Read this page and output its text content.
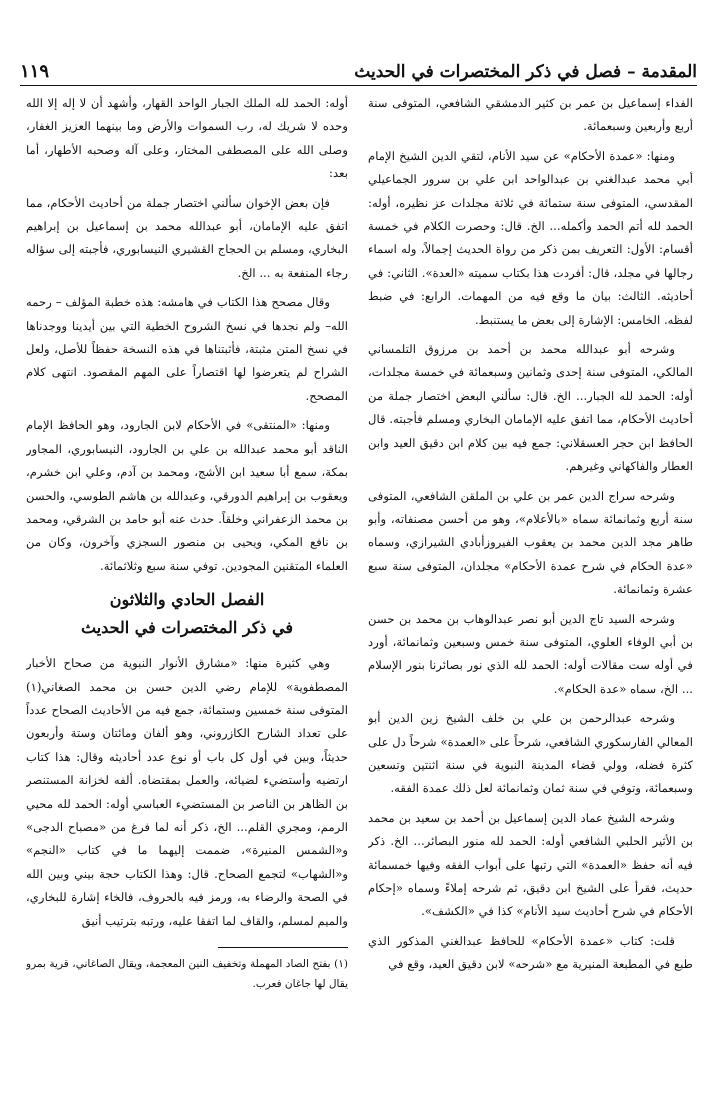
المقدمة – فصل في ذكر المختصرات في الحديث
١١٩

الفداء إسماعيل بن عمر بن كثير الدمشقي الشافعي، المتوفى سنة أربع وأربعين وسبعمائة.

ومنها: «عمدة الأحكام» عن سيد الأنام، لتقي الدين الشيخ الإمام أبي محمد عبدالغني بن عبدالواحد ابن علي بن سرور الجماعيلي المقدسي، المتوفى سنة ستمائة في ثلاثة مجلدات عز نظيره، أوله: الحمد لله أتم الحمد وأكمله... الخ. قال: وحصرت الكلام في خمسة أقسام: الأول: التعريف بمن ذكر من رواة الحديث إجمالاً، وله اسماء رجالها في مجلد، قال: أفردت هذا بكتاب سميته «العدة». الثاني: في أحاديثه. الثالث: بيان ما وقع فيه من المهمات. الرابع: في ضبط لفظه. الخامس: الإشارة إلى بعض ما يستنبط.

وشرحه أبو عبدالله محمد بن أحمد بن مرزوق التلمساني المالكي، المتوفى سنة إحدى وثمانين وسبعمائة في خمسة مجلدات، أوله: الحمد لله الجبار... الخ. قال: سألني البعض اختصار جملة من أحاديث الأحكام، مما اتفق عليه الإمامان البخاري ومسلم فأجبته. قال الحافظ ابن حجر العسقلاني: جمع فيه بين كلام ابن دقيق العيد وابن العطار والفاكهاني وغيرهم.

وشرحه سراج الدين عمر بن علي بن الملقن الشافعي، المتوفى سنة أربع وثمانمائة سماه «بالأعلام»، وهو من أحسن مصنفاته، وأبو طاهر مجد الدين محمد بن يعقوب الفيروزأبادي الشيرازي، وسماه «عدة الحكام في شرح عمدة الأحكام» مجلدان، المتوفى سنة سبع عشرة وثمانمائة.

وشرحه السيد تاج الدين أبو نصر عبدالوهاب بن محمد بن حسن بن أبي الوفاء العلوي، المتوفى سنة خمس وسبعين وثمانمائة، أورد في أوله ست مقالات أوله: الحمد لله الذي نور بصائرنا بنور الإسلام ... الخ، سماه «عدة الحكام».

وشرحه عبدالرحمن بن علي بن خلف الشيخ زين الدين أبو المعالي الفارسكوري الشافعي، شرحاً على «العمدة» شرحاً دل على كثرة فضله، وولي قضاء المدينة النبوية في سنة اثنتين وتسعين وسبعمائة، وتوفي في سنة ثمان وثمانمائة لعل ذلك عمدة الفقه.

وشرحه الشيخ عماد الدين إسماعيل بن أحمد بن سعيد بن محمد بن الأثير الحلبي الشافعي أوله: الحمد لله منور البصائر... الخ. ذكر فيه أنه حفظ «العمدة» التي رتبها على أبواب الفقه وفيها خمسمائة حديث، فقرأ على الشيخ ابن دقيق، ثم شرحه إملاءً وسماه «إحكام الأحكام في شرح أحاديث سيد الأنام» كذا في «الكشف».

قلت: كتاب «عمدة الأحكام» للحافظ عبدالغني المذكور الذي طبع في المطبعة المنيرية مع «شرحه» لابن دقيق العيد، وقع في

أوله: الحمد لله الملك الجبار الواحد القهار، وأشهد أن لا إله إلا الله وحده لا شريك له، رب السموات والأرض وما بينهما العزيز الغفار، وصلى الله على المصطفى المختار، وعلى آله وصحبه الأطهار، أما بعد:

فإن بعض الإخوان سألني اختصار جملة من أحاديث الأحكام، مما اتفق عليه الإمامان، أبو عبدالله محمد بن إسماعيل بن إبراهيم البخاري، ومسلم بن الحجاج القشيري النيسابوري، فأجبته إلى سؤاله رجاء المنفعة به ... الخ.

وقال مصحح هذا الكتاب في هامشه: هذه خطبة المؤلف – رحمه الله– ولم نجدها في نسخ الشروح الخطية التي بين أيدينا ووجدناها في نسخ المتن مثبتة، فأثبتناها في هذه النسخة حفظاً للأصل، ولعل الشراح لم يتعرضوا لها اقتصاراً على المهم المقصود. انتهى كلام المصحح.

ومنها: «المنتقى» في الأحكام لابن الجارود، وهو الحافظ الإمام الناقد أبو محمد عبدالله بن علي بن الجارود، النيسابوري، المجاور بمكة، سمع أبا سعيد ابن الأشج، ومحمد بن آدم، وعلي ابن خشرم، ويعقوب بن إبراهيم الدورقي، وعبدالله بن هاشم الطوسي، والحسن بن محمد الزعفراني وخلقاً. حدث عنه أبو حامد بن الشرقي، ومحمد بن نافع المكي، ويحيى بن منصور السجزي وآخرون، وكان من العلماء المتقنين المجودين. توفي سنة سبع وثلاثمائة.

الفصل الحادي والثلاثون
في ذكر المختصرات في الحديث

وهي كثيرة منها: «مشارق الأنوار النبوية من صحاح الأخبار المصطفوية» للإمام رضي الدين حسن بن محمد الصغاني(١) المتوفى سنة خمسين وستمائة، جمع فيه من الأحاديث الصحاح عدداً على تعداد الشارح الكازروني، وهو ألفان ومائتان وستة وأربعون حديثاً، وبين في أول كل باب أو نوع عدد أحاديثه وقال: هذا كتاب ارتضيه وأستضيء لضيائه، والعمل بمقتضاه. ألفه لخزانة المستنصر بن الظاهر بن الناصر بن المستضيء العباسي أوله: الحمد لله محيي الرمم، ومجري القلم... الخ، ذكر أنه لما فرغ من «مصباح الدجى» و«الشمس المنيرة»، ضممت إليهما ما في كتاب «النجم» و«الشهاب» لتجمع الصحاح. قال: وهذا الكتاب حجة بيني وبين الله في الصحة والرضاء به، ورمز فيه بالحروف، فالخاء إشارة للبخاري، والميم لمسلم، والقاف لما اتفقا عليه، ورتبه بترتيب أنيق

(١) بفتح الصاد المهملة وتخفيف النين المعجمة، ويقال الصاغاني، قرية بمرو يقال لها جاغان فعرب.
